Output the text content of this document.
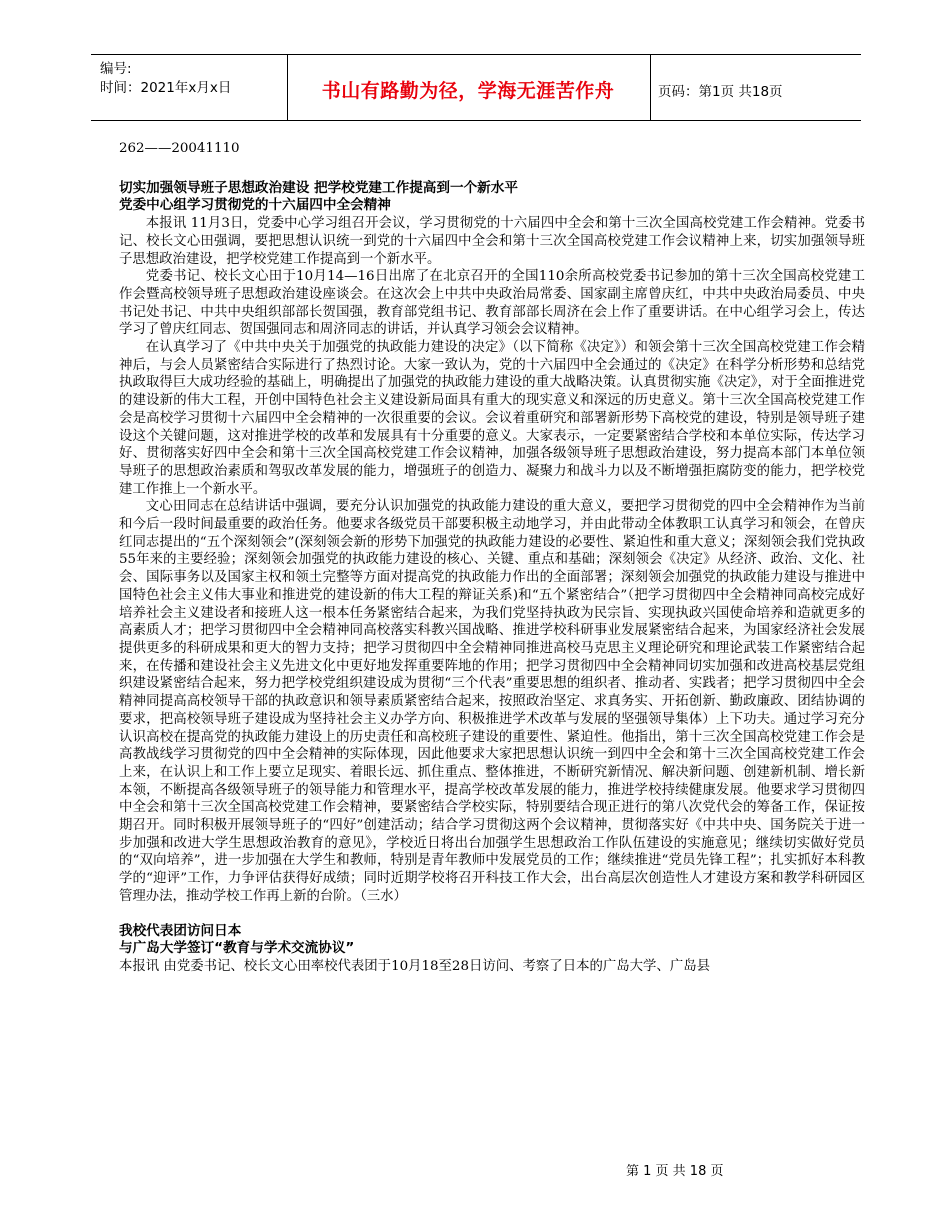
编号:
时间：2021年x月x日	书山有路勤为径，学海无涯苦作舟	页码：第1页 共18页

262——20041110

切实加强领导班子思想政治建设 把学校党建工作提高到一个新水平

党委中心组学习贯彻党的十六届四中全会精神

本报讯 11月3日，党委中心学习组召开会议，学习贯彻党的十六届四中全会和第十三次全国高校党建工作会精神。党委书记、校长文心田强调，要把思想认识统一到党的十六届四中全会和第十三次全国高校党建工作会议精神上来，切实加强领导班子思想政治建设，把学校党建工作提高到一个新水平。

党委书记、校长文心田于10月14—16日出席了在北京召开的全国110余所高校党委书记参加的第十三次全国高校党建工作会暨高校领导班子思想政治建设座谈会。在这次会上中共中央政治局常委、国家副主席曾庆红，中共中央政治局委员、中央书记处书记、中共中央组织部部长贺国强，教育部党组书记、教育部部长周济在会上作了重要讲话。在中心组学习会上，传达学习了曾庆红同志、贺国强同志和周济同志的讲话，并认真学习领会会议精神。

在认真学习了《中共中央关于加强党的执政能力建设的决定》（以下简称《决定》）和领会第十三次全国高校党建工作会精神后，与会人员紧密结合实际进行了热烈讨论。大家一致认为，党的十六届四中全会通过的《决定》在科学分析形势和总结党执政取得巨大成功经验的基础上，明确提出了加强党的执政能力建设的重大战略决策。认真贯彻实施《决定》，对于全面推进党的建设新的伟大工程，开创中国特色社会主义建设新局面具有重大的现实意义和深远的历史意义。第十三次全国高校党建工作会是高校学习贯彻十六届四中全会精神的一次很重要的会议。会议着重研究和部署新形势下高校党的建设，特别是领导班子建设这个关键问题，这对推进学校的改革和发展具有十分重要的意义。大家表示，一定要紧密结合学校和本单位实际，传达学习好、贯彻落实好四中全会和第十三次全国高校党建工作会议精神，加强各级领导班子思想政治建设，努力提高本部门本单位领导班子的思想政治素质和驾驭改革发展的能力，增强班子的创造力、凝聚力和战斗力以及不断增强拒腐防变的能力，把学校党建工作推上一个新水平。

文心田同志在总结讲话中强调，要充分认识加强党的执政能力建设的重大意义，要把学习贯彻党的四中全会精神作为当前和今后一段时间最重要的政治任务。他要求各级党员干部要积极主动地学习，并由此带动全体教职工认真学习和领会，在曾庆红同志提出的“五个深刻领会”(深刻领会新的形势下加强党的执政能力建设的必要性、紧迫性和重大意义；深刻领会我们党执政55年来的主要经验；深刻领会加强党的执政能力建设的核心、关键、重点和基础；深刻领会《决定》从经济、政治、文化、社会、国际事务以及国家主权和领土完整等方面对提高党的执政能力作出的全面部署；深刻领会加强党的执政能力建设与推进中国特色社会主义伟大事业和推进党的建设新的伟大工程的辩证关系)和“五个紧密结合”（把学习贯彻四中全会精神同高校完成好培养社会主义建设者和接班人这一根本任务紧密结合起来，为我们党坚持执政为民宗旨、实现执政兴国使命培养和造就更多的高素质人才；把学习贯彻四中全会精神同高校落实科教兴国战略、推进学校科研事业发展紧密结合起来，为国家经济社会发展提供更多的科研成果和更大的智力支持；把学习贯彻四中全会精神同推进高校马克思主义理论研究和理论武装工作紧密结合起来，在传播和建设社会主义先进文化中更好地发挥重要阵地的作用；把学习贯彻四中全会精神同切实加强和改进高校基层党组织建设紧密结合起来，努力把学校党组织建设成为贯彻“三个代表”重要思想的组织者、推动者、实践者；把学习贯彻四中全会精神同提高高校领导干部的执政意识和领导素质紧密结合起来，按照政治坚定、求真务实、开拓创新、勤政廉政、团结协调的要求，把高校领导班子建设成为坚持社会主义办学方向、积极推进学术改革与发展的坚强领导集体）上下功夫。通过学习充分认识高校在提高党的执政能力建设上的历史责任和高校班子建设的重要性、紧迫性。他指出，第十三次全国高校党建工作会是高教战线学习贯彻党的四中全会精神的实际体现，因此他要求大家把思想认识统一到四中全会和第十三次全国高校党建工作会上来，在认识上和工作上要立足现实、着眼长远、抓住重点、整体推进，不断研究新情况、解决新问题、创建新机制、增长新本领，不断提高各级领导班子的领导能力和管理水平，提高学校改革发展的能力，推进学校持续健康发展。他要求学习贯彻四中全会和第十三次全国高校党建工作会精神，要紧密结合学校实际，特别要结合现正进行的第八次党代会的筹备工作，保证按期召开。同时积极开展领导班子的“四好”创建活动；结合学习贯彻这两个会议精神，贯彻落实好《中共中央、国务院关于进一步加强和改进大学生思想政治教育的意见》，学校近日将出台加强学生思想政治工作队伍建设的实施意见；继续切实做好党员的“双向培养”，进一步加强在大学生和教师，特别是青年教师中发展党员的工作；继续推进“党员先锋工程”；扎实抓好本科教学的“迎评”工作，力争评估获得好成绩；同时近期学校将召开科技工作大会，出台高层次创造性人才建设方案和教学科研园区管理办法，推动学校工作再上新的台阶。（三水）

我校代表团访问日本

与广岛大学签订“教育与学术交流协议”

本报讯 由党委书记、校长文心田率校代表团于10月18至28日访问、考察了日本的广岛大学、广岛县

第 1 页 共 18 页
